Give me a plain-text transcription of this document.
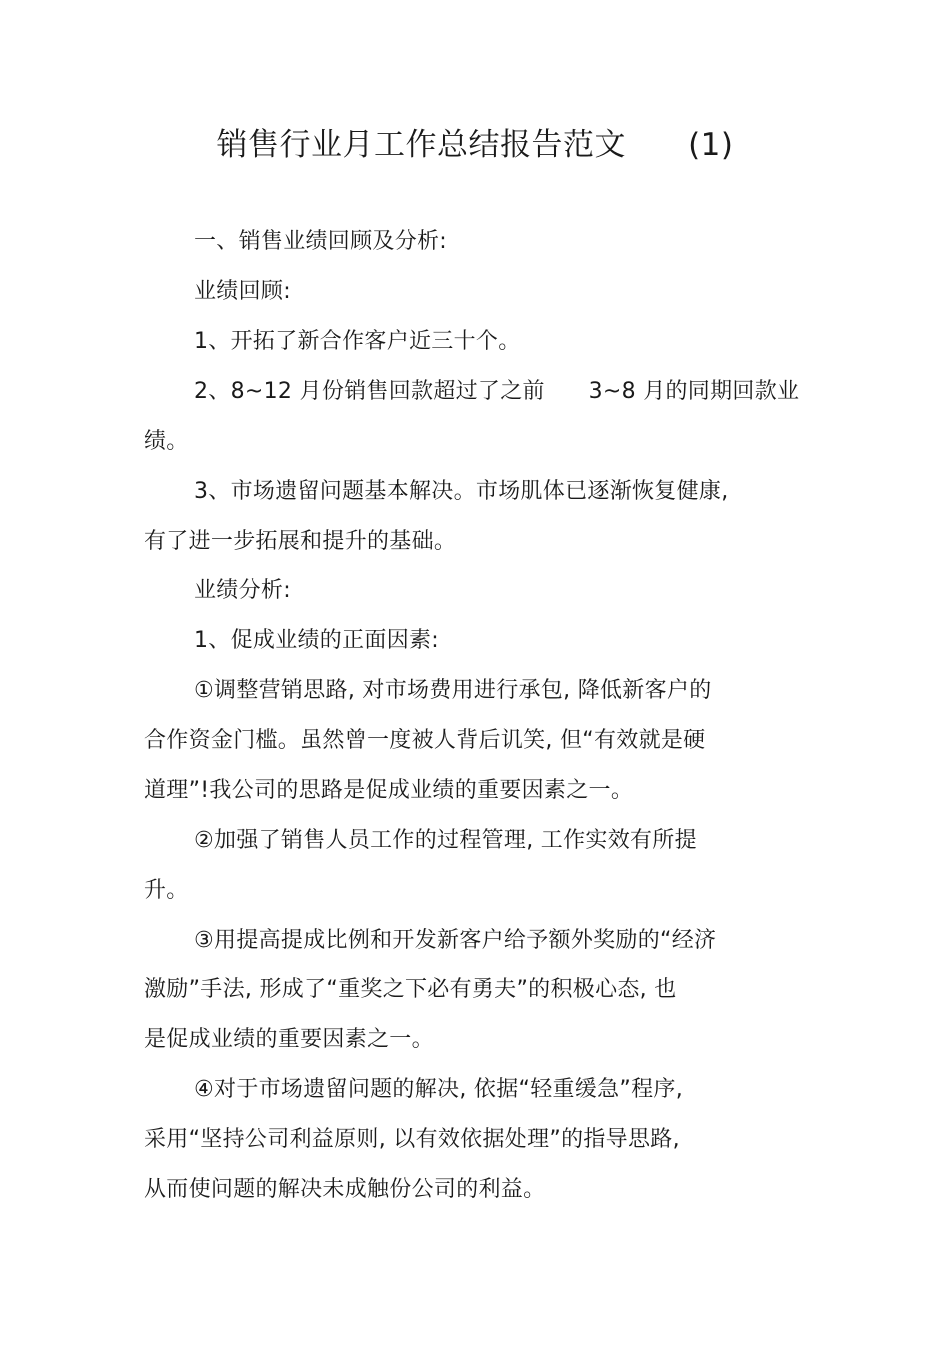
销售行业月工作总结报告范文      (1)
一、销售业绩回顾及分析:
业绩回顾:
1、开拓了新合作客户近三十个。
2、8~12 月份销售回款超过了之前      3~8 月的同期回款业
绩。
3、市场遗留问题基本解决。市场肌体已逐渐恢复健康,
有了进一步拓展和提升的基础。
业绩分析:
1、促成业绩的正面因素:
①调整营销思路, 对市场费用进行承包, 降低新客户的
合作资金门槛。虽然曾一度被人背后讥笑, 但“有效就是硬
道理”!我公司的思路是促成业绩的重要因素之一。
②加强了销售人员工作的过程管理, 工作实效有所提
升。
③用提高提成比例和开发新客户给予额外奖励的“经济
激励”手法, 形成了“重奖之下必有勇夫”的积极心态, 也
是促成业绩的重要因素之一。
④对于市场遗留问题的解决, 依据“轻重缓急”程序,
采用“坚持公司利益原则, 以有效依据处理”的指导思路,
从而使问题的解决未成触份公司的利益。
